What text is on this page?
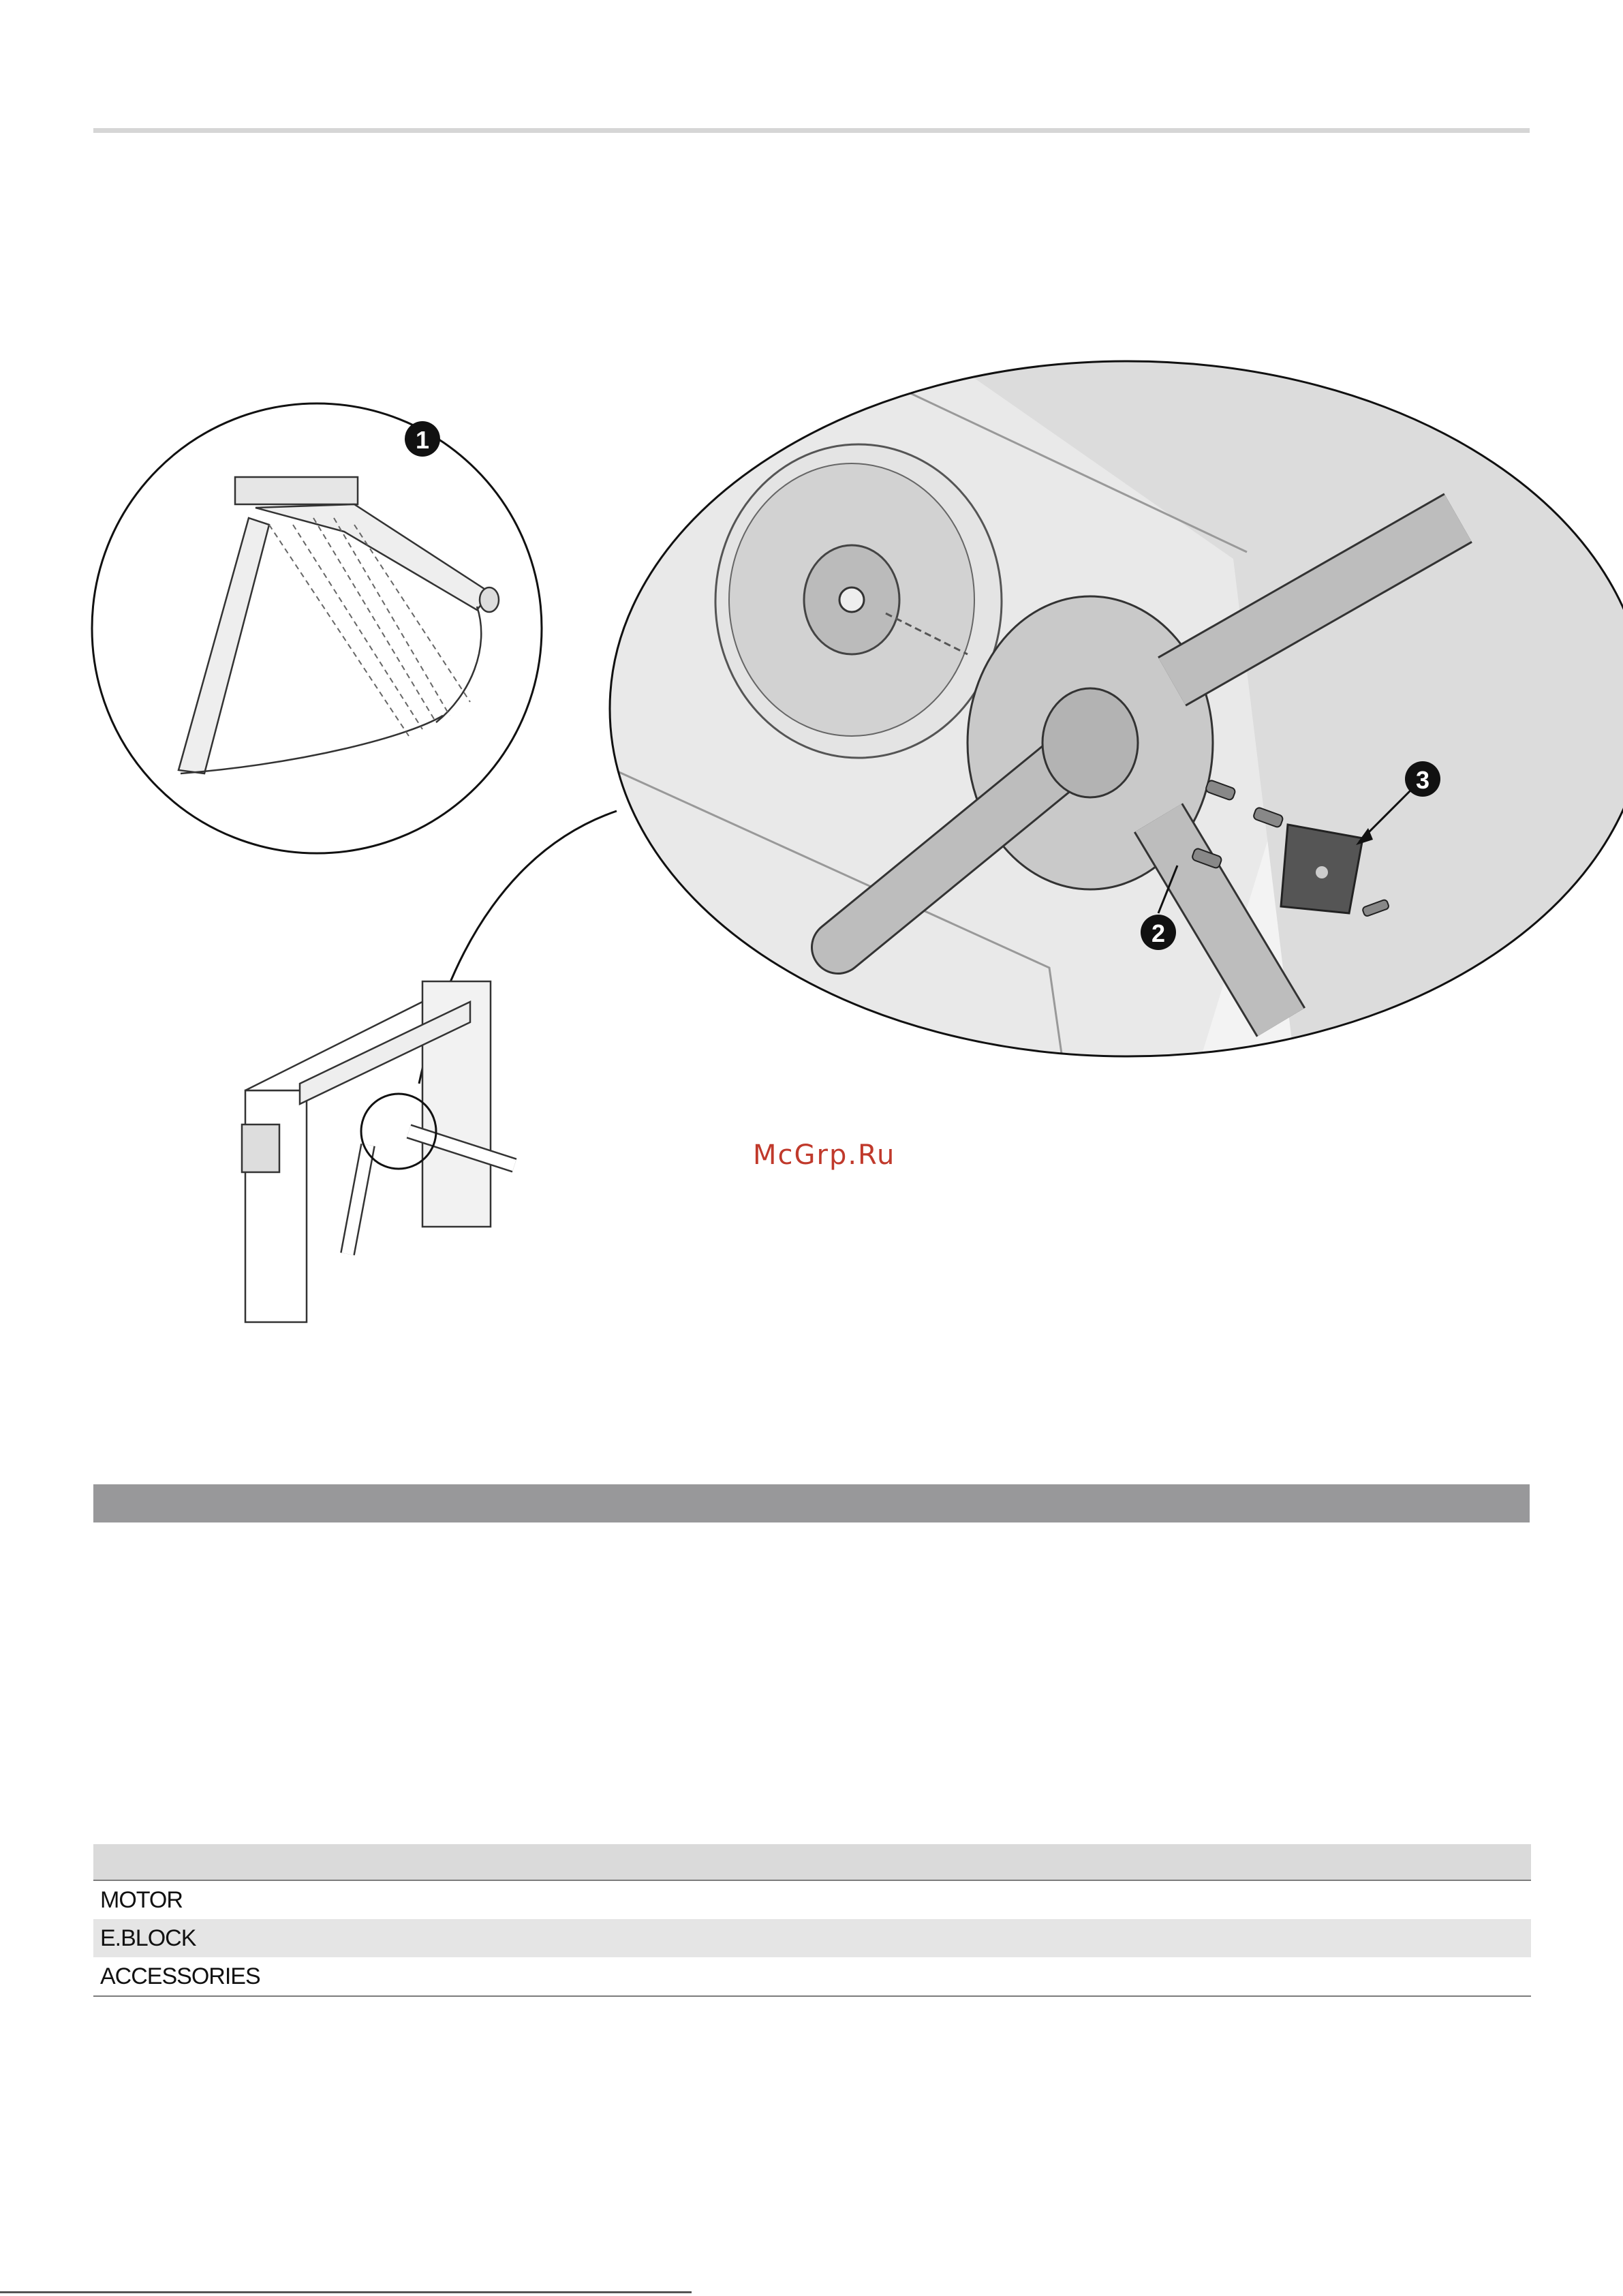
1
2
3
McGrp.Ru
MOTOR
E.BLOCK
ACCESSORIES
